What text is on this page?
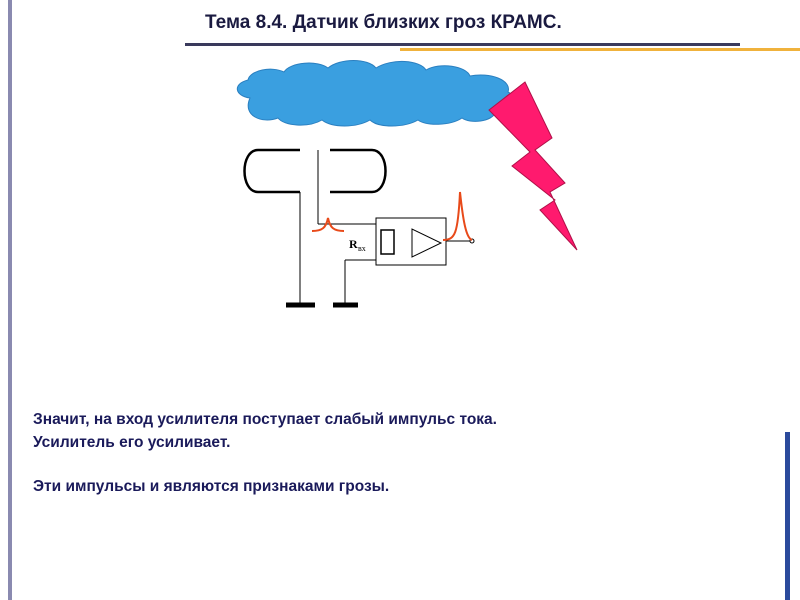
Тема 8.4. Датчик близких гроз КРАМС.
R вх
Значит, на вход усилителя поступает слабый импульс тока.
Усилитель его усиливает.
Эти импульсы и являются признаками грозы.
